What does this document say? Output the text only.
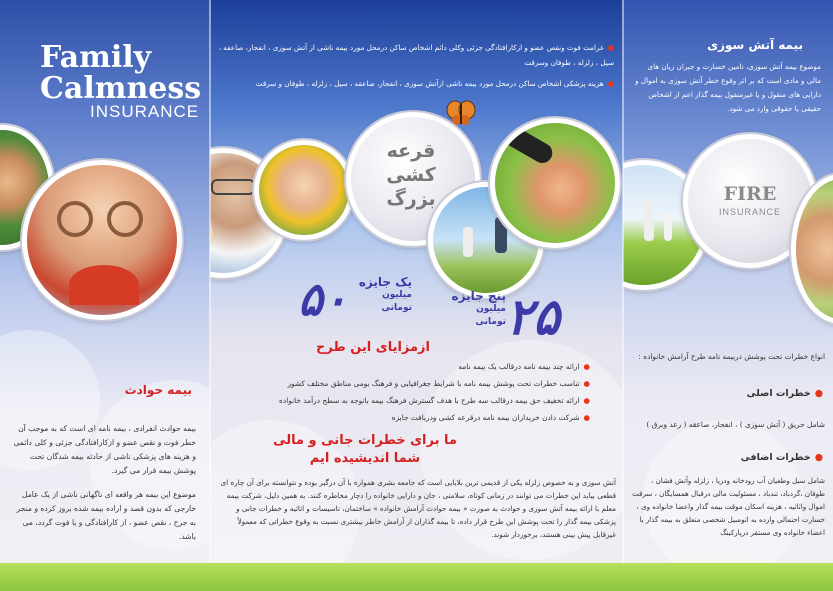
Family
Calmness
INSURANCE
بیمه حوادث
بیمه حوادث انفرادی ، بیمه نامه ای است که به موجب آن خطر فوت و نقص عضو و ازکارافتادگی جزئی و کلی دائمی و هزینه های پزشکی ناشی از حادثه بیمه شدگان تحت پوشش بیمه قرار می گیرد.
موضوع این بیمه هر واقعه ای ناگهانی ناشی از یک عامل خارجی که بدون قصد و اراده بیمه شده بروز کرده و منجر به جرح ، نقص عضو ، از کارافتادگی و یا فوت گردد، می باشد.
●غرامت فوت ونقص عضو و ازکارافتادگی جزئی وکلی دائم اشخاص ساکن درمحل مورد بیمه ناشی از آتش سوزی ، انفجار، صاعقه ، سیل ، زلزله ، طوفان وسرقت
●هزینه پزشکی اشخاص ساکن درمحل مورد بیمه ناشی ازآتش سوزی ، انفجار، صاعقه ، سیل ، زلزله ، طوفان و سرقت
قرعه کشی بزرگ
۵۰ یک جایزه
میلیون تومانی ۲۵
پنج جایزه
میلیون تومانی
ازمزایای این طرح
●ارائه چند بیمه نامه درقالب یک بیمه نامه
●تناسب خطرات تحت پوشش بیمه نامه با شرایط جغرافیایی و فرهنگ بومی مناطق مختلف کشور
●ارائه تخفیف حق بیمه درقالب سه طرح با هدف گسترش فرهنگ بیمه باتوجه به سطح درآمد خانواده
●شرکت دادن خریداران بیمه نامه درقرعه کشی ودریافت جایزه
ما برای خطرات جانی و مالی
شما اندیشیده ایم
آتش سوزی و به خصوص زلزله یکی از قدیمی ترین بلایایی است که جامعه بشری همواره با آن درگیر بوده و نتوانسته برای آن چاره ای قطعی بیابد این خطرات می توانند در زمانی کوتاه، سلامتی ، جان و دارایی خانواده را دچار مخاطره کنند. به همین دلیل، شرکت بیمه معلم با ارائه بیمه آتش سوزی و حوادث به صورت « بیمه حوادث آرامش خانواده » ساختمان، تاسیسات و اثاثیه و خطرات جانی و پزشکی بیمه گذار را تحت پوشش این طرح قرار داده، تا بیمه گذاران از آرامش خاطر بیشتری نسبت به وقوع خطراتی که معمولاً غیرقابل پیش بینی هستند، برخوردار شوند.
بیمه آتش سوزی
موضوع بیمه آتش سوزی، تامین خسارت و جبران زیان های مالی و مادی است که بر اثر وقوع خطر آتش سوزی به اموال و دارایی های منقول و یا غیرمنقول بیمه گذار اعم از اشخاص حقیقی یا حقوقی وارد می شود.
FIRE
INSURANCE
انواع خطرات تحت پوشش دربیمه نامه طرح آرامش خانواده :
●خطرات اصلی
شامل حریق ( آتش سوزی ) ، انفجار، صاعقه ( رعد وبرق )
●خطرات اضافی
شامل سیل وطغیان آب رودخانه ودریا ، زلزله وآتش فشان ، طوفان ،گردباد، تندباد ، مسئولیت مالی درقبال همسایگان ، سرقت اموال واثاثیه ، هزینه اسکان موقت بیمه گذار واعضا خانواده وی ، خسارت احتمالی وارده به اتومبیل شخصی متعلق به بیمه گذار یا اعضاء خانواده وی مستقر درپارکینگ
